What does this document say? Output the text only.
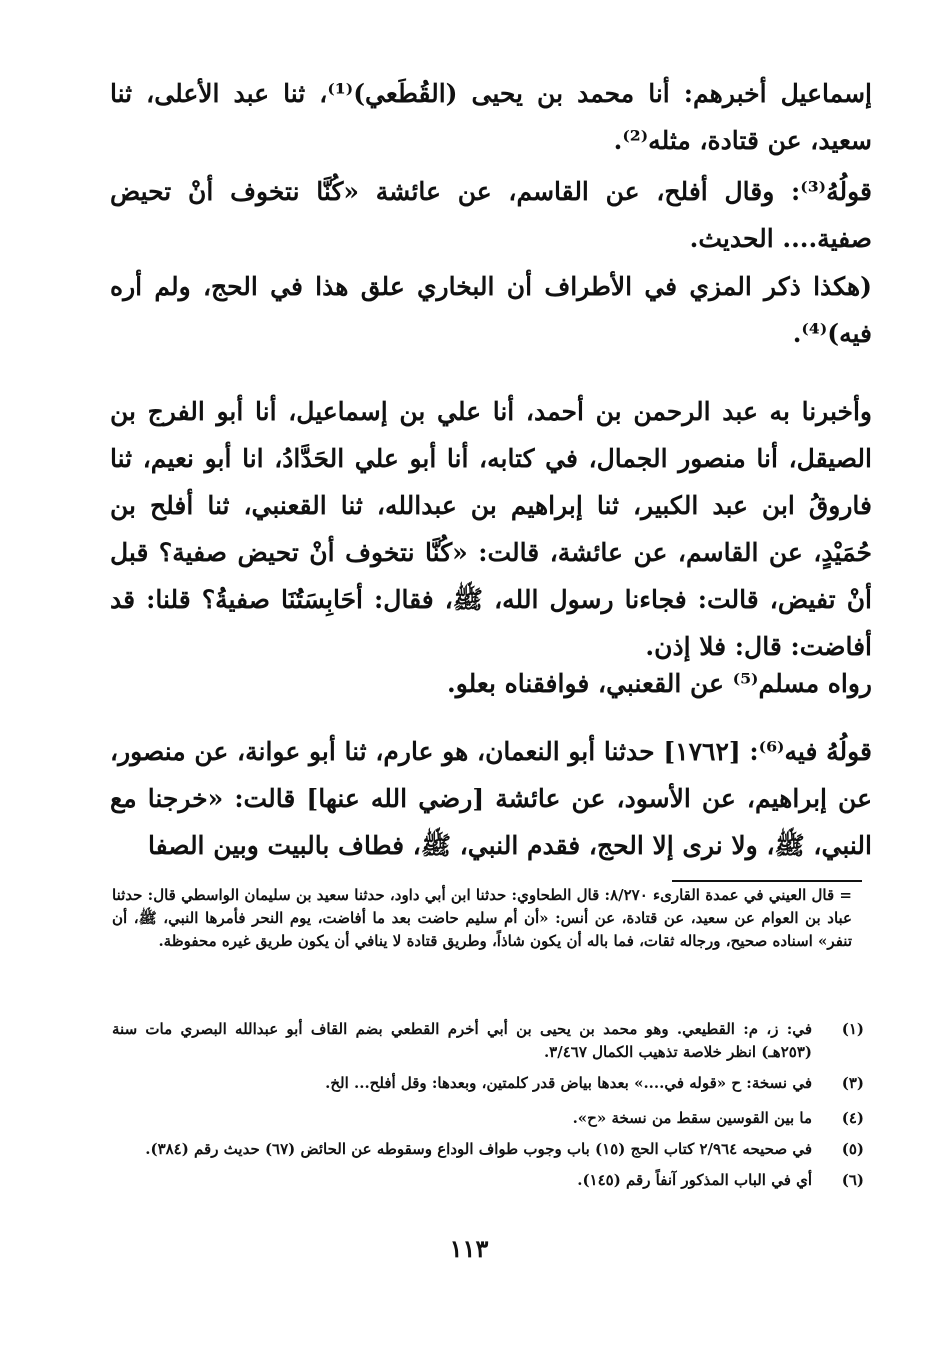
إسماعيل أخبرهم: أنا محمد بن يحيى (القُطَعي)⁽¹⁾، ثنا عبد الأعلى، ثنا سعيد، عن قتادة، مثله⁽²⁾.

قولُهُ⁽³⁾: وقال أفلح، عن القاسم، عن عائشة «كُنَّا نتخوف أنْ تحيض صفية.... الحديث.

(هكذا ذكر المزي في الأطراف أن البخاري علق هذا في الحج، ولم أره فيه)⁽⁴⁾.

وأخبرنا به عبد الرحمن بن أحمد، أنا علي بن إسماعيل، أنا أبو الفرج بن الصيقل، أنا منصور الجمال، في كتابه، أنا أبو علي الحَدَّادُ، انا أبو نعيم، ثنا فاروقُ ابن عبد الكبير، ثنا إبراهيم بن عبدالله، ثنا القعنبي، ثنا أفلح بن حُمَيْدٍ، عن القاسم، عن عائشة، قالت: «كُنَّا نتخوف أنْ تحيض صفية؟ قبل أنْ تفيض، قالت: فجاءنا رسول الله، ﷺ، فقال: أحَابِسَتُنَا صفيةُ؟ قلنا: قد أفاضت: قال: فلا إذن.

رواه مسلم⁽⁵⁾ عن القعنبي، فوافقناه بعلو.

قولُهُ فيه⁽⁶⁾: [١٧٦٢] حدثنا أبو النعمان، هو عارم، ثنا أبو عوانة، عن منصور، عن إبراهيم، عن الأسود، عن عائشة [رضي الله عنها] قالت: «خرجنا مع النبي، ﷺ، ولا نرى إلا الحج، فقدم النبي، ﷺ، فطاف بالبيت وبين الصفا

= قال العيني في عمدة القارىء ٨/٢٧٠: قال الطحاوي: حدثنا ابن أبي داود، حدثنا سعيد بن سليمان الواسطي قال: حدثنا عباد بن العوام عن سعيد، عن قتادة، عن أنس: «أن أم سليم حاضت بعد ما أفاضت، يوم النحر فأمرها النبي، ﷺ، أن تنفر» اسناده صحيح، ورجاله ثقات، فما باله أن يكون شاذاً، وطريق قتادة لا ينافي أن يكون طريق غيره محفوظة.
(١)
في: ز، م: القطيعي. وهو محمد بن يحيى بن أبي أخرم القطعي بضم القاف أبو عبدالله البصري مات سنة (٢٥٣هـ) انظر خلاصة تذهيب الكمال ٣/٤٦٧.
(٣)
في نسخة: ح «قوله في....» بعدها بياض قدر كلمتين، وبعدها: وقل أفلح... الخ.
(٤)
ما بين القوسين سقط من نسخة «ح».
(٥)
في صحيحه ٢/٩٦٤ كتاب الحج (١٥) باب وجوب طواف الوداع وسقوطه عن الحائض (٦٧) حديث رقم (٣٨٤).
(٦)
أي في الباب المذكور آنفاً رقم (١٤٥).
١١٣
